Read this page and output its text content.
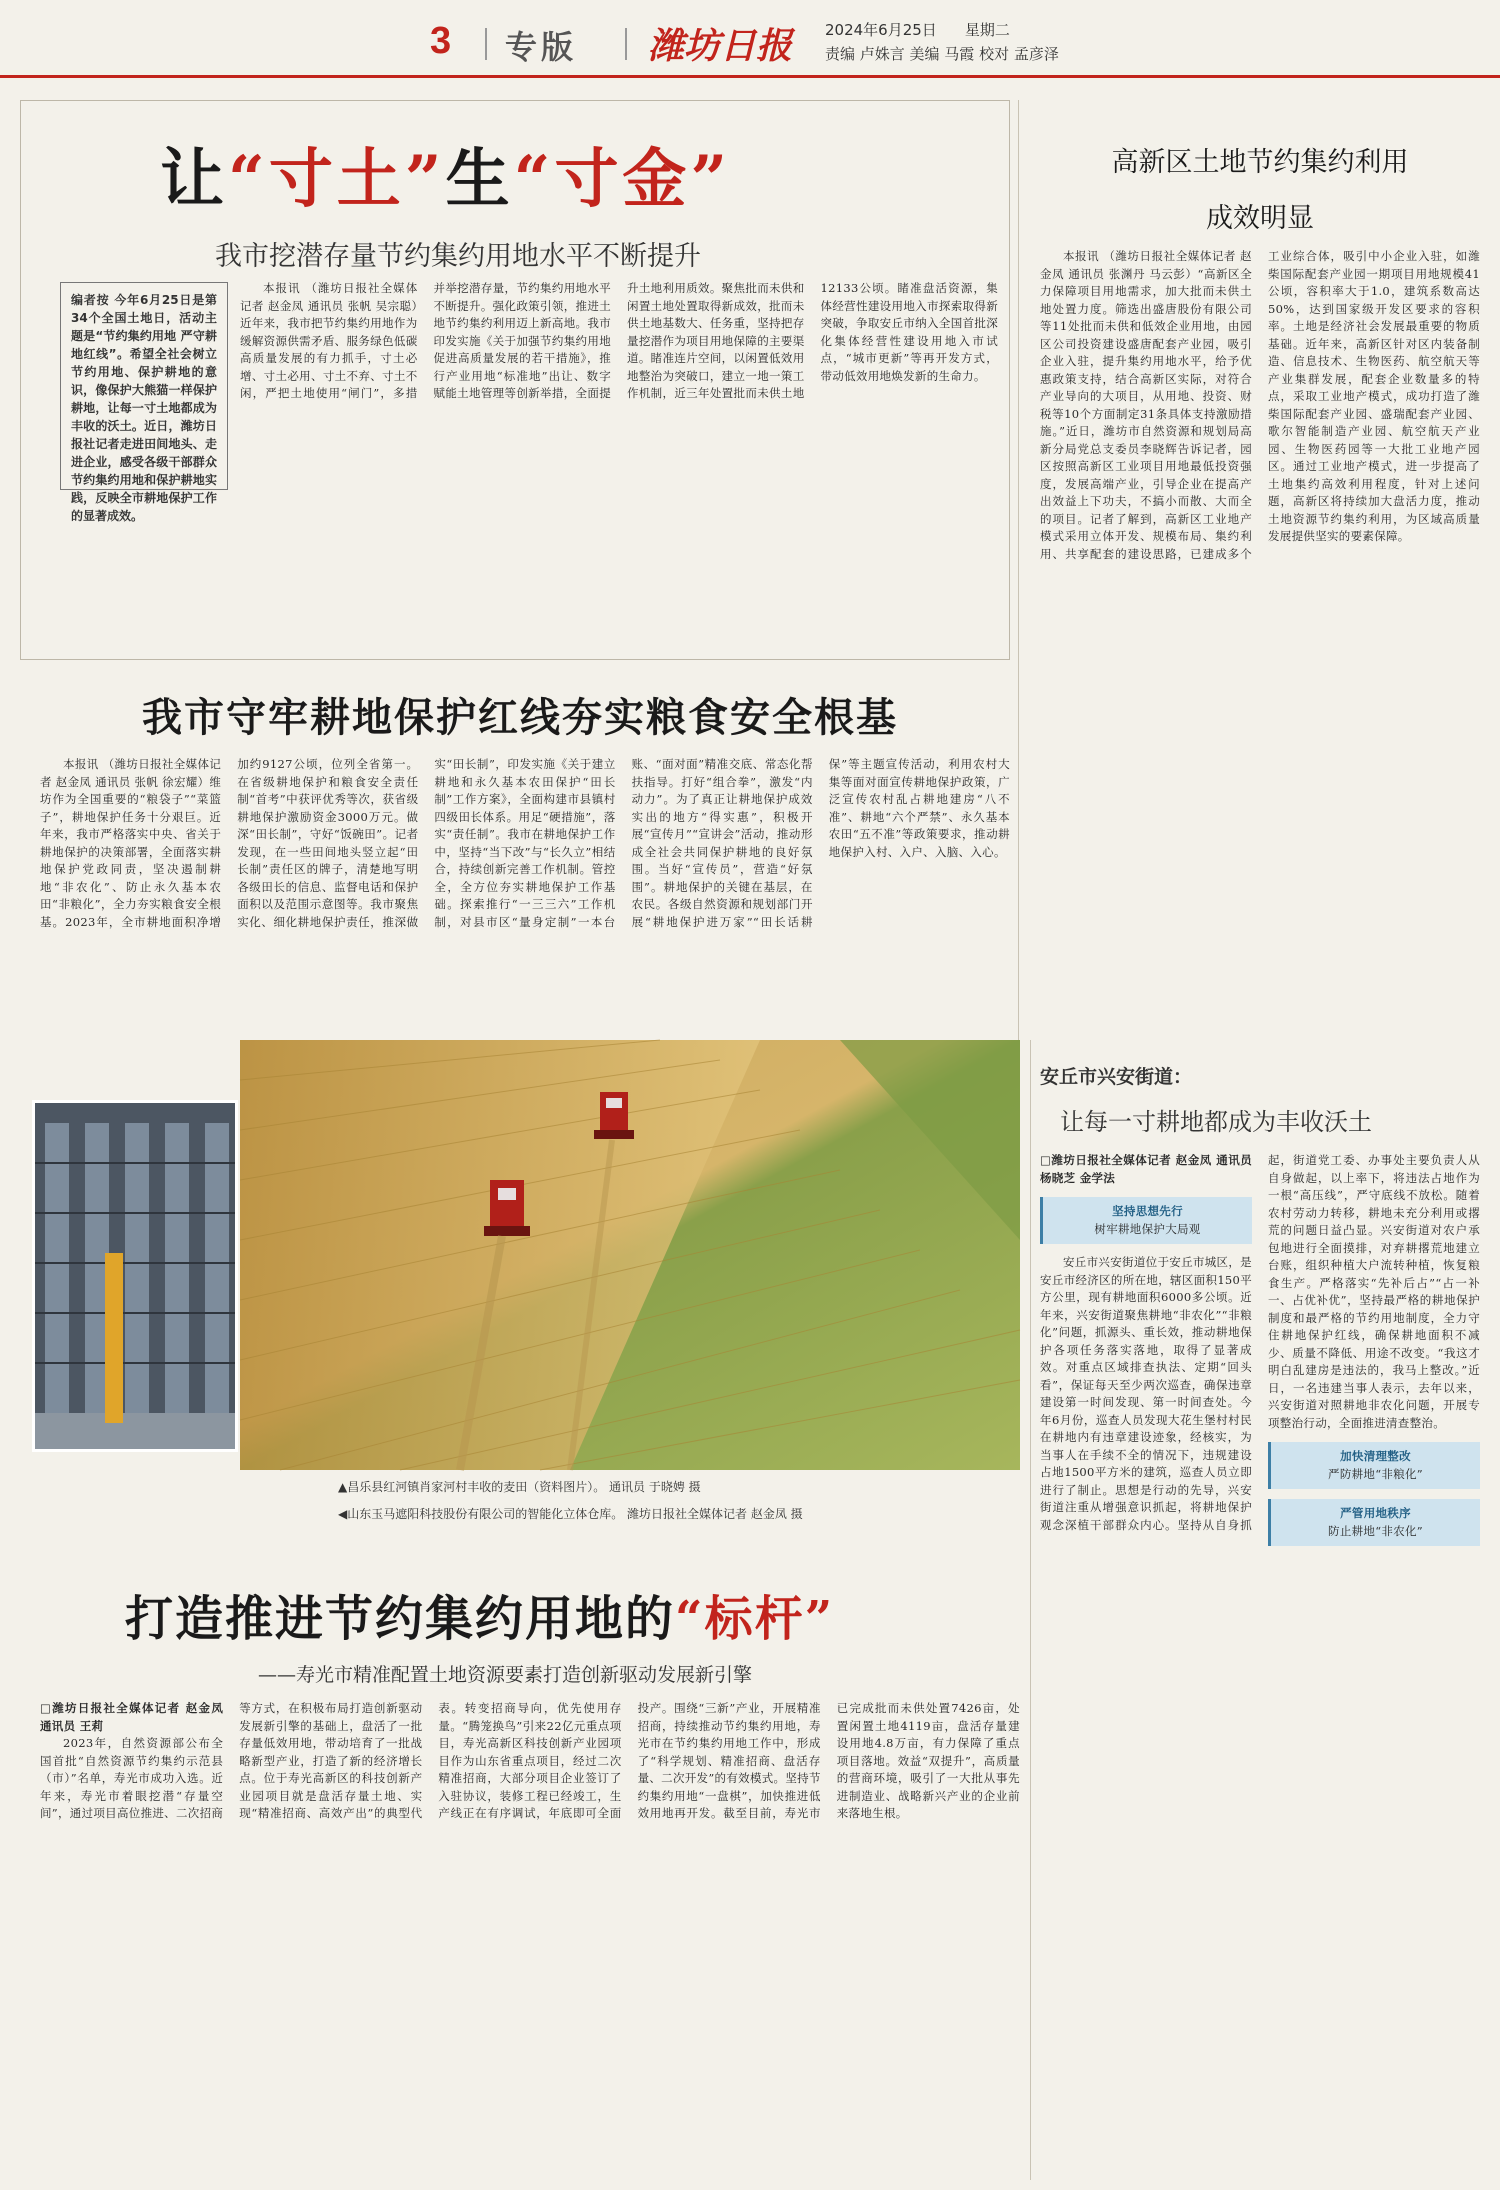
3 专版 潍坊日报 2024年6月25日 星期二
责编 卢姝言 美编 马霞 校对 孟彦泽
让“寸土”生“寸金”
我市挖潜存量节约集约用地水平不断提升
编者按 今年6月25日是第34个全国土地日，活动主题是“节约集约用地 严守耕地红线”。希望全社会树立节约用地、保护耕地的意识，像保护大熊猫一样保护耕地，让每一寸土地都成为丰收的沃土。近日，潍坊日报社记者走进田间地头、走进企业，感受各级干部群众节约集约用地和保护耕地实践，反映全市耕地保护工作的显著成效。

本报讯 （潍坊日报社全媒体记者 赵金凤 通讯员 张帆 吴宗聪）近年来，我市把节约集约用地作为缓解资源供需矛盾、服务绿色低碳高质量发展的有力抓手，寸土必增、寸土必用、寸土不弃、寸土不闲，严把土地使用“闸门”，多措并举挖潜存量，节约集约用地水平不断提升。强化政策引领，推进土地节约集约利用迈上新高地。我市印发实施《关于加强节约集约用地促进高质量发展的若干措施》，推行产业用地“标准地”出让、数字赋能土地管理等创新举措，全面提升土地利用质效。聚焦批而未供和闲置土地处置取得新成效，批而未供土地基数大、任务重，坚持把存量挖潜作为项目用地保障的主要渠道。睹准连片空间，以闲置低效用地整治为突破口，建立一地一策工作机制，近三年处置批而未供土地12133公顷。睹准盘活资源，集体经营性建设用地入市探索取得新突破，争取安丘市纳入全国首批深化集体经营性建设用地入市试点，“城市更新”等再开发方式，带动低效用地焕发新的生命力。

高新区土地节约集约利用
成效明显

本报讯 （潍坊日报社全媒体记者 赵金凤 通讯员 张渊丹 马云彭）“高新区全力保障项目用地需求，加大批而未供土地处置力度。筛选出盛唐股份有限公司等11处批而未供和低效企业用地，由园区公司投资建设盛唐配套产业园，吸引企业入驻，提升集约用地水平，给予优惠政策支持，结合高新区实际，对符合产业导向的大项目，从用地、投资、财税等10个方面制定31条具体支持激励措施。”近日，潍坊市自然资源和规划局高新分局党总支委员李晓辉告诉记者，园区按照高新区工业项目用地最低投资强度，发展高端产业，引导企业在提高产出效益上下功夫，不搞小而散、大而全的项目。记者了解到，高新区工业地产模式采用立体开发、规模布局、集约利用、共享配套的建设思路，已建成多个工业综合体，吸引中小企业入驻，如潍柴国际配套产业园一期项目用地规模41公顷，容积率大于1.0，建筑系数高达50%，达到国家级开发区要求的容积率。土地是经济社会发展最重要的物质基础。近年来，高新区针对区内装备制造、信息技术、生物医药、航空航天等产业集群发展，配套企业数量多的特点，采取工业地产模式，成功打造了潍柴国际配套产业园、盛瑞配套产业园、歌尔智能制造产业园、航空航天产业园、生物医药园等一大批工业地产园区。通过工业地产模式，进一步提高了土地集约高效利用程度，针对上述问题，高新区将持续加大盘活力度，推动土地资源节约集约利用，为区域高质量发展提供坚实的要素保障。

我市守牢耕地保护红线夯实粮食安全根基

本报讯 （潍坊日报社全媒体记者 赵金凤 通讯员 张帆 徐宏耀）维坊作为全国重要的“粮袋子”“菜篮子”，耕地保护任务十分艰巨。近年来，我市严格落实中央、省关于耕地保护的决策部署，全面落实耕地保护党政同责，坚决遏制耕地“非农化”、防止永久基本农田“非粮化”，全力夯实粮食安全根基。2023年，全市耕地面积净增加约9127公顷，位列全省第一。在省级耕地保护和粮食安全责任制“首考”中获评优秀等次，获省级耕地保护激励资金3000万元。做深“田长制”，守好“饭碗田”。记者发现，在一些田间地头竖立起“田长制”责任区的牌子，清楚地写明各级田长的信息、监督电话和保护面积以及范围示意图等。我市聚焦实化、细化耕地保护责任，推深做实“田长制”，印发实施《关于建立耕地和永久基本农田保护“田长制”工作方案》，全面构建市县镇村四级田长体系。用足“硬措施”，落实“责任制”。我市在耕地保护工作中，坚持“当下改”与“长久立”相结合，持续创新完善工作机制。管控全，全方位夯实耕地保护工作基础。探索推行“一三三六”工作机制，对县市区“量身定制”一本台账、“面对面”精准交底、常态化帮扶指导。打好“组合拳”，激发“内动力”。为了真正让耕地保护成效实出的地方“得实惠”，积极开展“宣传月”“宣讲会”活动，推动形成全社会共同保护耕地的良好氛围。当好“宣传员”，营造“好氛围”。耕地保护的关键在基层，在农民。各级自然资源和规划部门开展“耕地保护进万家”“田长话耕保”等主题宣传活动，利用农村大集等面对面宣传耕地保护政策，广泛宣传农村乱占耕地建房“八不准”、耕地“六个严禁”、永久基本农田“五不准”等政策要求，推动耕地保护入村、入户、入脑、入心。

▲昌乐县红河镇肖家河村丰收的麦田（资料图片）。 通讯员 于晓娉 摄
◀山东玉马遮阳科技股份有限公司的智能化立体仓库。 潍坊日报社全媒体记者 赵金凤 摄
打造推进节约集约用地的“标杆”
——寿光市精准配置土地资源要素打造创新驱动发展新引擎

□潍坊日报社全媒体记者 赵金凤 通讯员 王莉

2023年，自然资源部公布全国首批“自然资源节约集约示范县（市）”名单，寿光市成功入选。近年来，寿光市着眼挖潜“存量空间”，通过项目高位推进、二次招商等方式，在积极布局打造创新驱动发展新引擎的基础上，盘活了一批存量低效用地，带动培育了一批战略新型产业，打造了新的经济增长点。位于寿光高新区的科技创新产业园项目就是盘活存量土地、实现“精准招商、高效产出”的典型代表。转变招商导向，优先使用存量。“腾笼换鸟”引来22亿元重点项目，寿光高新区科技创新产业园项目作为山东省重点项目，经过二次精准招商，大部分项目企业签订了入驻协议，装修工程已经竣工，生产线正在有序调试，年底即可全面投产。围绕“三新”产业，开展精准招商，持续推动节约集约用地，寿光市在节约集约用地工作中，形成了“科学规划、精准招商、盘活存量、二次开发”的有效模式。坚持节约集约用地“一盘棋”，加快推进低效用地再开发。截至目前，寿光市已完成批而未供处置7426亩，处置闲置土地4119亩，盘活存量建设用地4.8万亩，有力保障了重点项目落地。效益“双提升”，高质量的营商环境，吸引了一大批从事先进制造业、战略新兴产业的企业前来落地生根。

安丘市兴安街道：
让每一寸耕地都成为丰收沃土

□潍坊日报社全媒体记者 赵金凤 通讯员 杨晓芝 金学法

坚持思想先行
树牢耕地保护大局观

安丘市兴安街道位于安丘市城区，是安丘市经济区的所在地，辖区面积150平方公里，现有耕地面积6000多公顷。近年来，兴安街道聚焦耕地“非农化”“非粮化”问题，抓源头、重长效，推动耕地保护各项任务落实落地，取得了显著成效。对重点区域排查执法、定期“回头看”，保证每天至少两次巡查，确保违章建设第一时间发现、第一时间查处。今年6月份，巡查人员发现大花生堡村村民在耕地内有违章建设迹象，经核实，为当事人在手续不全的情况下，违规建设占地1500平方米的建筑，巡查人员立即进行了制止。思想是行动的先导，兴安街道注重从增强意识抓起，将耕地保护观念深植干部群众内心。坚持从自身抓起，街道党工委、办事处主要负责人从自身做起，以上率下，将违法占地作为一根“高压线”，严守底线不放松。随着农村劳动力转移，耕地未充分利用或撂荒的问题日益凸显。兴安街道对农户承包地进行全面摸排，对弃耕撂荒地建立台账，组织种植大户流转种植，恢复粮食生产。严格落实“先补后占”“占一补一、占优补优”，坚持最严格的耕地保护制度和最严格的节约用地制度，全力守住耕地保护红线，确保耕地面积不减少、质量不降低、用途不改变。“我这才明白乱建房是违法的，我马上整改。”近日，一名违建当事人表示，去年以来，兴安街道对照耕地非农化问题，开展专项整治行动，全面推进清查整治。

加快清理整改
严防耕地“非粮化”
严管用地秩序
防止耕地“非农化”
